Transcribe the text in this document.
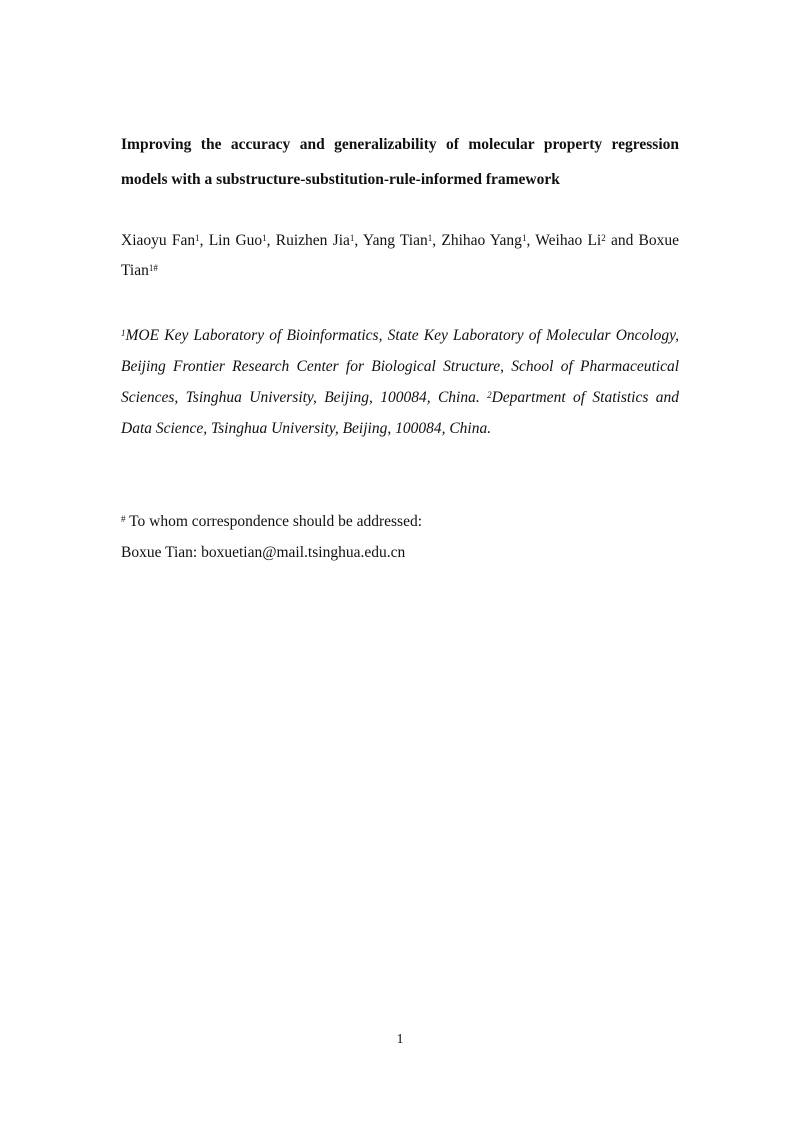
Improving the accuracy and generalizability of molecular property regression
models with a substructure-substitution-rule-informed framework
Xiaoyu Fan$^1$, Lin Guo$^1$, Ruizhen Jia$^1$, Yang Tian$^1$, Zhihao Yang$^1$, Weihao Li$^2$ and Boxue
Tian$^{1\#}$
$^1$MOE Key Laboratory of Bioinformatics, State Key Laboratory of Molecular Oncology,
Beijing Frontier Research Center for Biological Structure, School of Pharmaceutical
Sciences, Tsinghua University, Beijing, 100084, China. $^2$Department of Statistics and
Data Science, Tsinghua University, Beijing, 100084, China.
# To whom correspondence should be addressed:
Boxue Tian: boxuetian@mail.tsinghua.edu.cn
1
